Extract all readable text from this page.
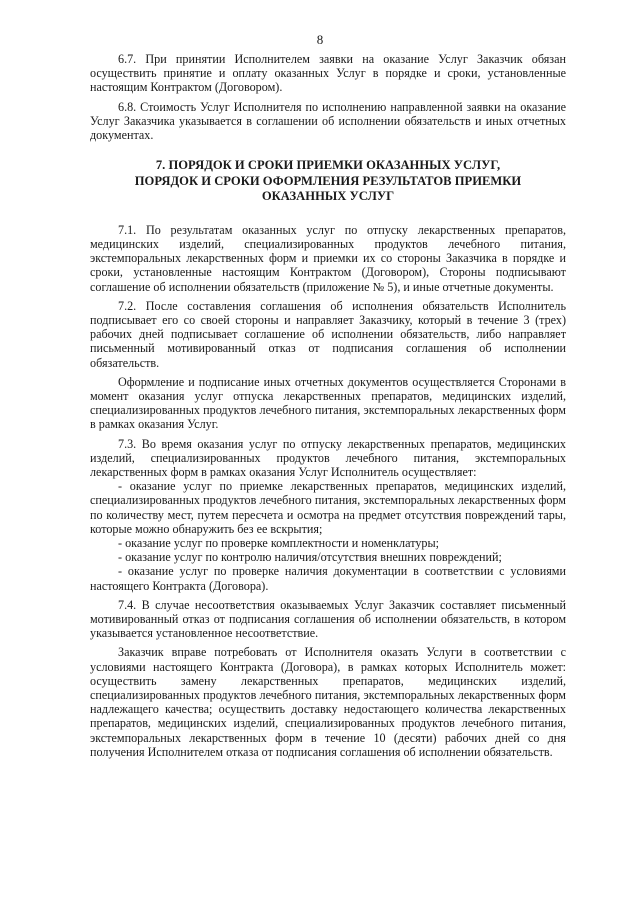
8

6.7. При принятии Исполнителем заявки на оказание Услуг Заказчик обязан осуществить принятие и оплату оказанных Услуг в порядке и сроки, установленные настоящим Контрактом (Договором).

6.8. Стоимость Услуг Исполнителя по исполнению направленной заявки на оказание Услуг Заказчика указывается в соглашении об исполнении обязательств и иных отчетных документах.

7. ПОРЯДОК И СРОКИ ПРИЕМКИ ОКАЗАННЫХ УСЛУГ,
ПОРЯДОК И СРОКИ ОФОРМЛЕНИЯ РЕЗУЛЬТАТОВ ПРИЕМКИ
ОКАЗАННЫХ УСЛУГ

7.1. По результатам оказанных услуг по отпуску лекарственных препаратов, медицинских изделий, специализированных продуктов лечебного питания, экстемпоральных лекарственных форм и приемки их со стороны Заказчика в порядке и сроки, установленные настоящим Контрактом (Договором), Стороны подписывают соглашение об исполнении обязательств (приложение № 5), и иные отчетные документы.

7.2. После составления соглашения об исполнения обязательств Исполнитель подписывает его со своей стороны и направляет Заказчику, который в течение 3 (трех) рабочих дней подписывает соглашение об исполнении обязательств, либо направляет письменный мотивированный отказ от подписания соглашения об исполнении обязательств.

Оформление и подписание иных отчетных документов осуществляется Сторонами в момент оказания услуг отпуска лекарственных препаратов, медицинских изделий, специализированных продуктов лечебного питания, экстемпоральных лекарственных форм в рамках оказания Услуг.

7.3. Во время оказания услуг по отпуску лекарственных препаратов, медицинских изделий, специализированных продуктов лечебного питания, экстемпоральных лекарственных форм в рамках оказания Услуг Исполнитель осуществляет:

- оказание услуг по приемке лекарственных препаратов, медицинских изделий, специализированных продуктов лечебного питания, экстемпоральных лекарственных форм по количеству мест, путем пересчета и осмотра на предмет отсутствия повреждений тары, которые можно обнаружить без ее вскрытия;

- оказание услуг по проверке комплектности и номенклатуры;

- оказание услуг по контролю наличия/отсутствия внешних повреждений;

- оказание услуг по проверке наличия документации в соответствии с условиями настоящего Контракта (Договора).

7.4. В случае несоответствия оказываемых Услуг Заказчик составляет письменный мотивированный отказ от подписания соглашения об исполнении обязательств, в котором указывается установленное несоответствие.

Заказчик вправе потребовать от Исполнителя оказать Услуги в соответствии с условиями настоящего Контракта (Договора), в рамках которых Исполнитель может: осуществить замену лекарственных препаратов, медицинских изделий, специализированных продуктов лечебного питания, экстемпоральных лекарственных форм надлежащего качества; осуществить доставку недостающего количества лекарственных препаратов, медицинских изделий, специализированных продуктов лечебного питания, экстемпоральных лекарственных форм в течение 10 (десяти) рабочих дней со дня получения Исполнителем отказа от подписания соглашения об исполнении обязательств.
